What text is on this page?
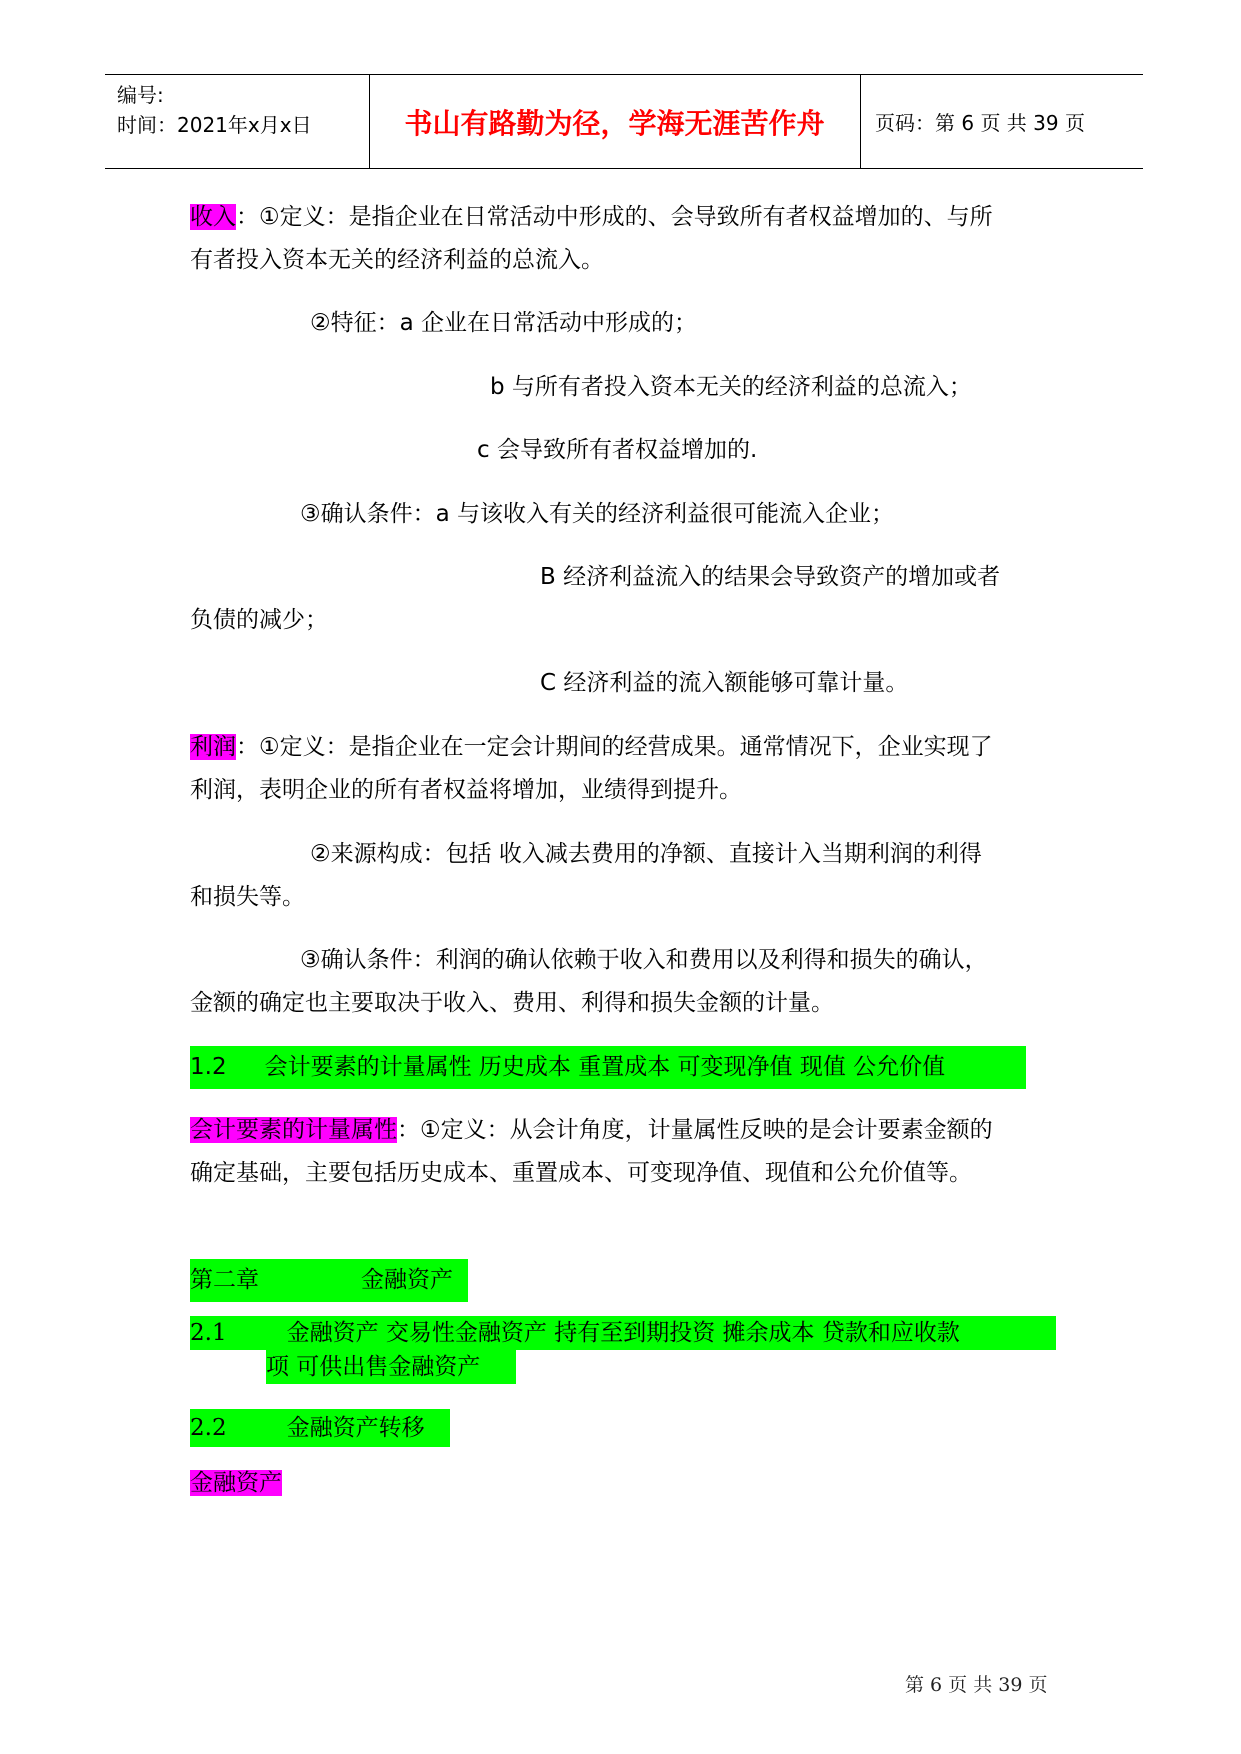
编号:
时间：2021年x月x日	书山有路勤为径，学海无涯苦作舟	页码：第 6 页 共 39 页
收入：①定义：是指企业在日常活动中形成的、会导致所有者权益增加的、与所
有者投入资本无关的经济利益的总流入。
②特征：a 企业在日常活动中形成的；
b 与所有者投入资本无关的经济利益的总流入；
c 会导致所有者权益增加的.
③确认条件：a 与该收入有关的经济利益很可能流入企业；
B 经济利益流入的结果会导致资产的增加或者
负债的减少；
C 经济利益的流入额能够可靠计量。
利润：①定义：是指企业在一定会计期间的经营成果。通常情况下，企业实现了
利润，表明企业的所有者权益将增加，业绩得到提升。
②来源构成：包括 收入减去费用的净额、直接计入当期利润的利得
和损失等。
③确认条件：利润的确认依赖于收入和费用以及利得和损失的确认，
金额的确定也主要取决于收入、费用、利得和损失金额的计量。
1.2 会计要素的计量属性 历史成本 重置成本 可变现净值 现值 公允价值
会计要素的计量属性：①定义：从会计角度，计量属性反映的是会计要素金额的
确定基础，主要包括历史成本、重置成本、可变现净值、现值和公允价值等。
第二章	金融资产
2.1	金融资产 交易性金融资产 持有至到期投资 摊余成本 贷款和应收款
项 可供出售金融资产
2.2	金融资产转移
金融资产
第 6 页 共 39 页
